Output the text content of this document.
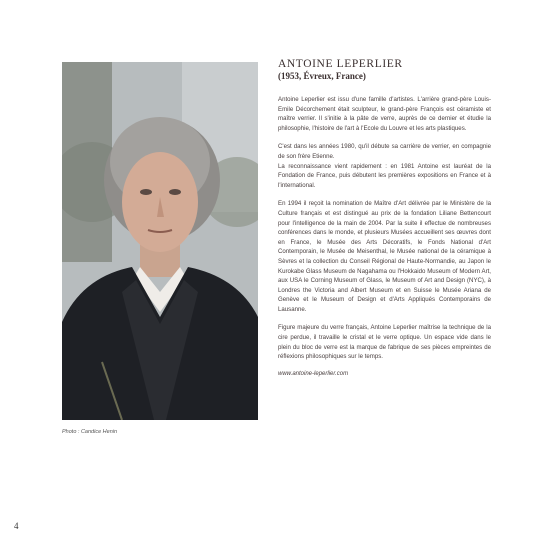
Photo : Candice Henin
ANTOINE LEPERLIER
(1953, Évreux, France)

Antoine Leperlier est issu d'une famille d'artistes. L'arrière grand-père Louis-Emile Décorchement était sculpteur, le grand-père François est céramiste et maître verrier. Il s'initie à la pâte de verre, auprès de ce dernier et étudie la philosophie, l'histoire de l'art à l'Ecole du Louvre et les arts plastiques.

C'est dans les années 1980, qu'il débute sa carrière de verrier, en compagnie de son frère Etienne.
La reconnaissance vient rapidement : en 1981 Antoine est lauréat de la Fondation de France, puis débutent les premières expositions en France et à l'international.

En 1994 il reçoit la nomination de Maître d'Art délivrée par le Ministère de la Culture français et est distingué au prix de la fondation Liliane Bettencourt pour l'intelligence de la main de 2004. Par la suite il effectue de nombreuses conférences dans le monde, et plusieurs Musées accueillent ses œuvres dont en France, le Musée des Arts Décoratifs, le Fonds National d'Art Contemporain, le Musée de Meisenthal, le Musée national de la céramique à Sèvres et la collection du Conseil Régional de Haute-Normandie, au Japon le Kurokabe Glass Museum de Nagahama ou l'Hokkaido Museum of Modern Art, aux USA le Corning Museum of Glass, le Museum of Art and Design (NYC), à Londres the Victoria and Albert Museum et en Suisse le Musée Ariana de Genève et le Museum of Design et d'Arts Appliqués Contemporains de Lausanne.

Figure majeure du verre français, Antoine Leperlier maîtrise la technique de la cire perdue, il travaille le cristal et le verre optique. Un espace vide dans le plein du bloc de verre est la marque de fabrique de ses pièces empreintes de réflexions philosophiques sur le temps.

www.antoine-leperlier.com
4
